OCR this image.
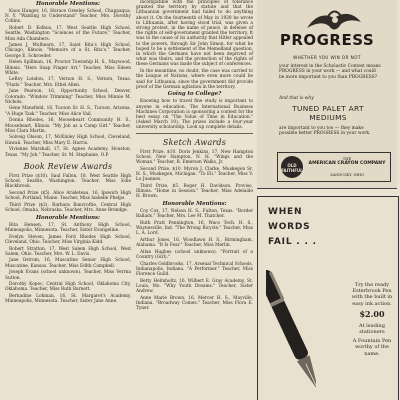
Honorable Mentions:
Knox Hunger, 16, Horace Greeley School, Chappaqua, N. Y. "Wanting to Understand" Teacher, Mrs. Dorothy Collins.
Robert D. Kolbus, 17, West Seattle High School, Seattle, Washington "Sciences of the Future," Teacher, Miss Ada Chambers.
James J. Mulhearn, 17, Saint Rita's High School, Chicago, Illinois. "Memoirs of a St. Rita's." Teacher, George E. Schroeder.
Helen Spillman, 16, Proctor Township H. S., Maywood, Illinois. "Here Snap Finger Art." Teacher, Miss Eileen White.
LeRoy London, 17, Vernon H. S., Vernon, Texas. "Finds." Teacher, Mrs. Ethel Allen.
Jane Pearson, 16, Opportunity School, Denver, Colorado. "Window Trimming" Teacher, Miss Minnie M. Nichols.
Gene Mansfield, 16, Tucson Sr. H. S., Tucson, Arizona. "A Huge Task." Teacher, Miss Alice Vail.
Donna Rhodes, 16, Mooseheart Community H. S., Mooseheart, Illinois. "My Job as a Camp Girl." Teacher, Miss Clara Martin.
Solveig Olsson, 17, McKinley High School, Cleveland, Hawaii. Teacher, Miss Mary E. Harris.
Vivienne Marshall, 17, St. Agnes Academy, Houston, Texas. "My Job." Teacher, Sr. M. Stephanie, O.P.
Book Review Awards
First Prize ($10). Saul Fallon, 18, West Seattle High School, Seattle, Washington. Teacher, Miss Edie Blackbrook.
Second Prize ($5). Alice Arisleteau, 16, Ipswich High School, Portland, Maine. Teacher, Miss Isabelle Phelps.
Third Prize ($3). Barbara Bancroftie, Central High School, Omaha, Nebraska. Teacher, Mrs. Anne Brendge.
Honorable Mentions:
Rita Hensen, 17, St. Anthony High School, Minneapolis, Minnesota. Teacher, Sister Evangeline.
Evelyn Steven, James Ford Rhodes High School, Cleveland, Ohio. Teacher, Miss Virginia Kidd.
Robert Stratton, 17, West Salem High School, West Salem, Ohio. Teacher, Mrs. W. L. Davis.
Jane Ostrom, 16, Muscatine Senior High School, Muscatine, Kansas. Teacher, Miss Edith Campbell.
Joseph Evans (school unknown). Teacher, Miss Verrna Sutton.
Dorothy Kopec, Central High School, Oklahoma City, Oklahoma. Teacher, Miss Ruth Barnett.
Bernadine Lohman, 16, St. Margaret's Academy, Minneapolis, Minnesota. Teacher, Sister Jane Anne.
incompatible with the principles of tolerance granted the territory by statute and that the Lithuanian government had failed to do anything about it. On the fourteenth of May in 1930 he wrote to Lithuania, after having stood trial, was given a strong protest, in the name of peace, in defense of the rights of self-government granted the territory. It was in the cause of its authority that Hitler appealed to the powers, through Sir John Simon, for what he hoped to be a settlement of the Memelland question, in which the Germans have not been deprived of what was theirs, and the protection of the rights of these Germans was made the subject of conferences.
In the meantime, no doubt, the case was carried to the League of Nations, where even more could be said for Lithuania, since the government did provide proof of the German agitation in the territory.
Going to College?
Knowing how to travel fine study is important to anyone in education. The International Business Machines Corporation is sponsoring a contest for the best essay on "The Value of Time in Education." (Asked March 10). The prizes include a four-year university scholarship. Look up complete details.
Sketch Awards
First Prize, $10. Doris Jenkins, 17, New Hampton School, New Hampton, N. H. "Wings and the Woman." Teacher, R. Emerson Walks, Jr.
Second Prize, $10. Myron J. Clarke, Muskegon Sr. H. S., Muskegon, Michigan. "To Eli." Teacher, Miss V. Lo Juannes.
Third Prize, $5. Roger H. Davidson, Proviso, Illinois. "Home in Session." Teacher, Miss Adelaide H. Brown.
Honorable Mentions:
Coy Cox, 17, Nelson H. S., Fulton, Texas. "Border Ballads." Teacher, Mrs. Lee M. Thatcher.
Ruth Pratt Pennington, 16, Waco Tech. H. S., Waynesville, Ind. "The Wrong Bicycle." Teacher, Miss L. A. Lord.
Arthur Jones, 16, Woodlawn H. S., Birmingham, Alabama. "It Is Fear." Teacher, Miss Merlin.
Allan Hughes (school unknown). "Portrait of a Country (Girl)."
Charles Goldbrooks, 17, Arsenal Technical Schools, Indianapolis, Indiana. "A Performer." Teacher, Miss Florence Guild.
Betty Helmholtz, 16, Wilbert E. Gray Academy, St. Louis, Mo. "Why Youth Dreams." Teacher, Sister Andrew.
Anne Marie Brown, 16, Mercer H. S., Mayville, Indiana. "Broadway Comes." Teacher, Miss Flora E. Tyner.
PROGRESS
WHETHER YOU WIN OR NOT
your interest in the Scholastic Contest means PROGRESS in your work — and what could be more important to you than PROGRESS?
And that is why
TUNED PALET ART MEDIUMS
are important to you too — they make possible better PROGRESS in your work.
OLD FAITHFUL
THE
AMERICAN CRAYON COMPANY
SANDUSKY, OHIO
WHEN
WORDS
FAIL . . .
Try the ready Esterbrook Pen with the built in easy ink action.
$2.00
At leading stationers
A Fountain Pen worthy of the name.
